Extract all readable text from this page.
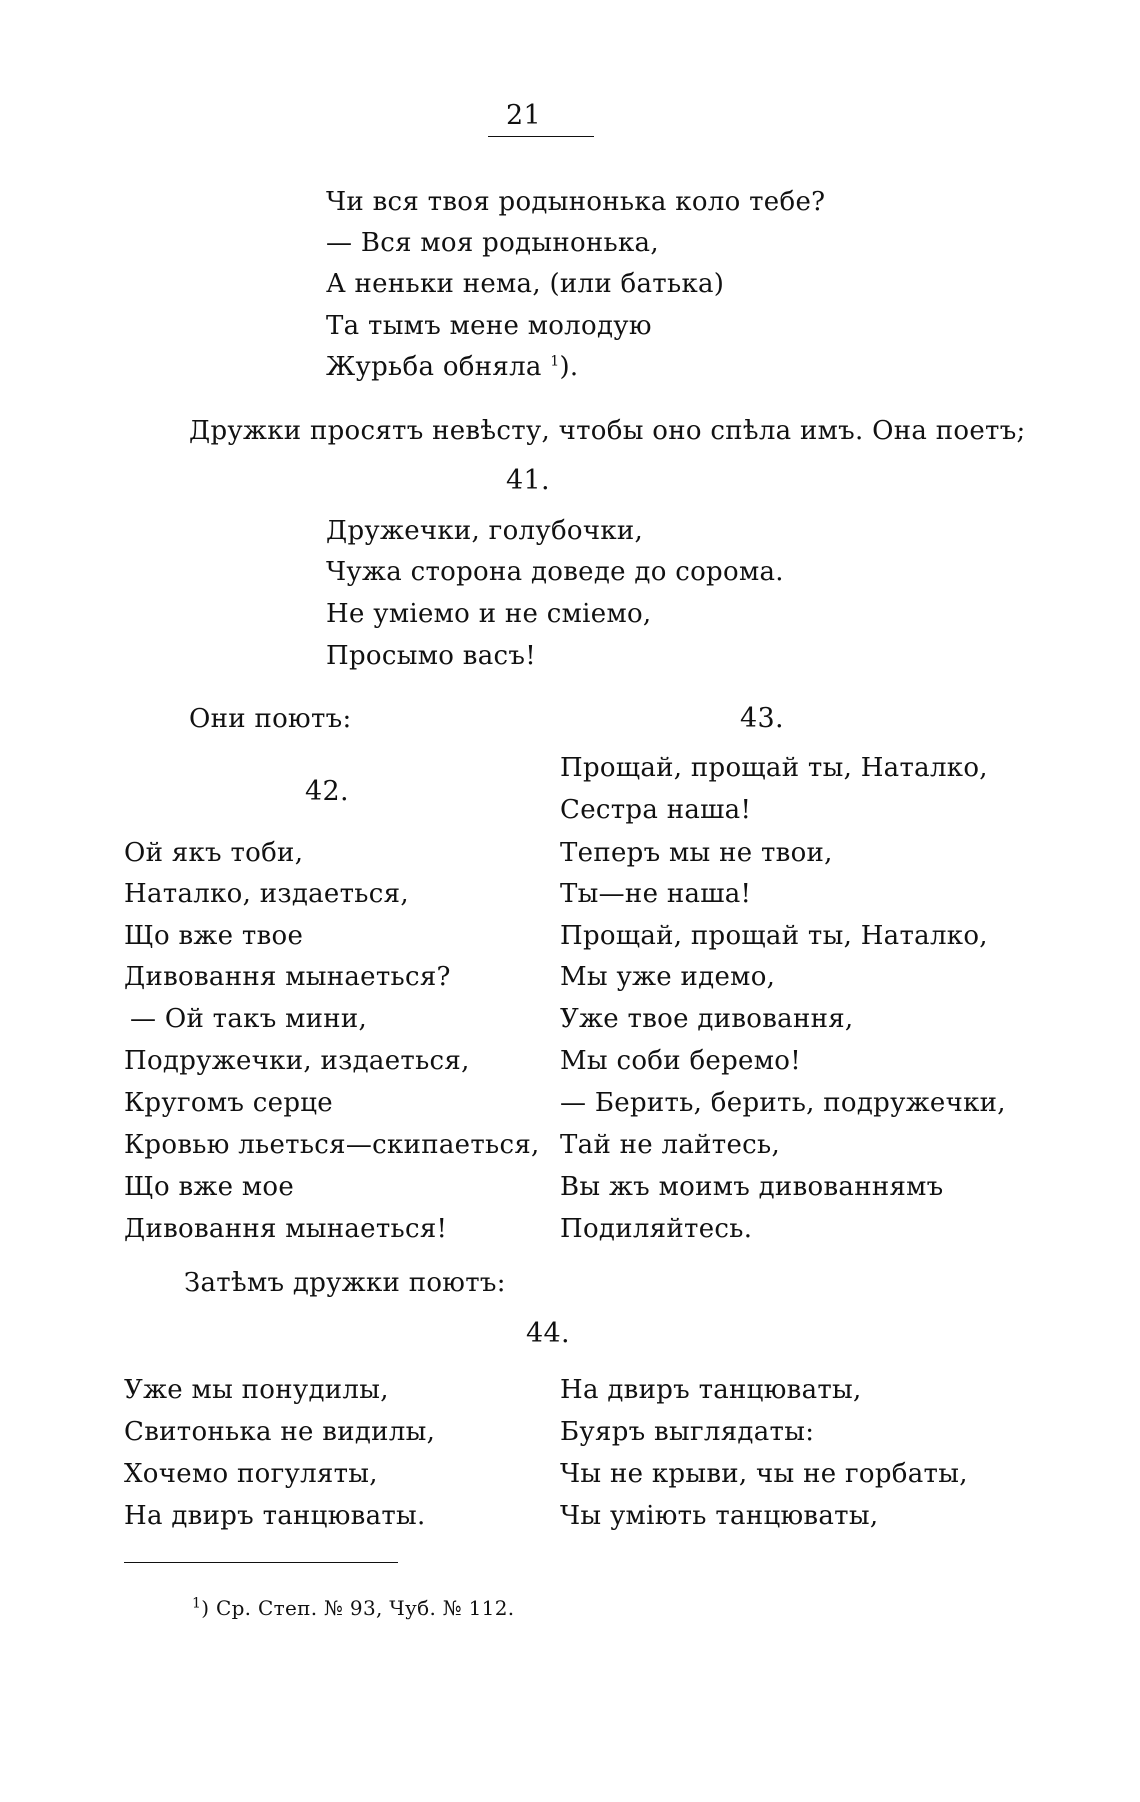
21
Чи вся твоя родынонька коло тебе?
— Вся моя родынонька,
А неньки нема, (или батька)
Та тымъ мене молодую
Журьба обняла $^1$).
Дружки просятъ невѣсту, чтобы оно спѣла имъ. Она поетъ;
41.
Дружечки, голубочки,
Чужа сторона доведе до сорома.
Не уміемо и не сміемо,
Просымо васъ!
Они поютъ:	43.
42.
Ой якъ тоби,
Наталко, издаеться,
Що вже твое
Дивовання мынаеться?
— Ой такъ мини,
Подружечки, издаеться,
Кругомъ серце
Кровью льеться—скипаеться,
Що вже мое
Дивовання мынаеться!
Прощай, прощай ты, Наталко,
Сестра наша!
Теперъ мы не твои,
Ты—не наша!
Прощай, прощай ты, Наталко,
Мы уже идемо,
Уже твое дивовання,
Мы соби беремо!
— Берить, берить, подружечки,
Тай не лайтесь,
Вы жъ моимъ дивованнямъ
Подиляйтесь.
Затѣмъ дружки поютъ:
44.
Уже мы понудилы,
Свитонька не видилы,
Хочемо погуляты,
На двиръ танцюваты.
На двиръ танцюваты,
Буяръ выглядаты:
Чы не крыви, чы не горбаты,
Чы уміють танцюваты,
$^1$) Ср. Степ. № 93, Чуб. № 112.
